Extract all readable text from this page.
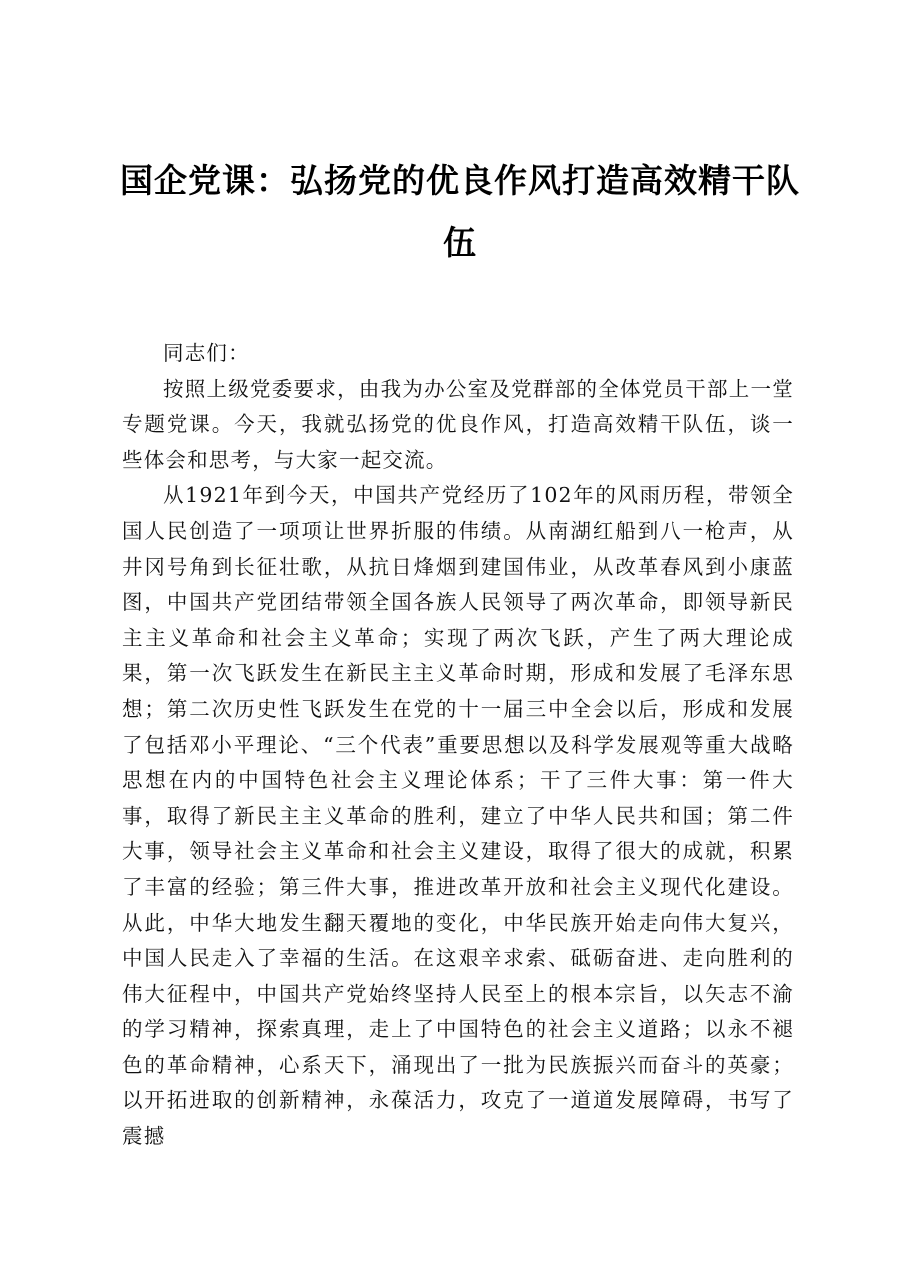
国企党课：弘扬党的优良作风打造高效精干队伍

同志们：

按照上级党委要求，由我为办公室及党群部的全体党员干部上一堂专题党课。今天，我就弘扬党的优良作风，打造高效精干队伍，谈一些体会和思考，与大家一起交流。

从1921年到今天，中国共产党经历了102年的风雨历程，带领全国人民创造了一项项让世界折服的伟绩。从南湖红船到八一枪声，从井冈号角到长征壮歌，从抗日烽烟到建国伟业，从改革春风到小康蓝图，中国共产党团结带领全国各族人民领导了两次革命，即领导新民主主义革命和社会主义革命；实现了两次飞跃，产生了两大理论成果，第一次飞跃发生在新民主主义革命时期，形成和发展了毛泽东思想；第二次历史性飞跃发生在党的十一届三中全会以后，形成和发展了包括邓小平理论、“三个代表”重要思想以及科学发展观等重大战略思想在内的中国特色社会主义理论体系；干了三件大事：第一件大事，取得了新民主主义革命的胜利，建立了中华人民共和国；第二件大事，领导社会主义革命和社会主义建设，取得了很大的成就，积累了丰富的经验；第三件大事，推进改革开放和社会主义现代化建设。从此，中华大地发生翻天覆地的变化，中华民族开始走向伟大复兴，中国人民走入了幸福的生活。在这艰辛求索、砥砺奋进、走向胜利的伟大征程中，中国共产党始终坚持人民至上的根本宗旨，以矢志不渝的学习精神，探索真理，走上了中国特色的社会主义道路；以永不褪色的革命精神，心系天下，涌现出了一批为民族振兴而奋斗的英豪；以开拓进取的创新精神，永葆活力，攻克了一道道发展障碍，书写了震撼
